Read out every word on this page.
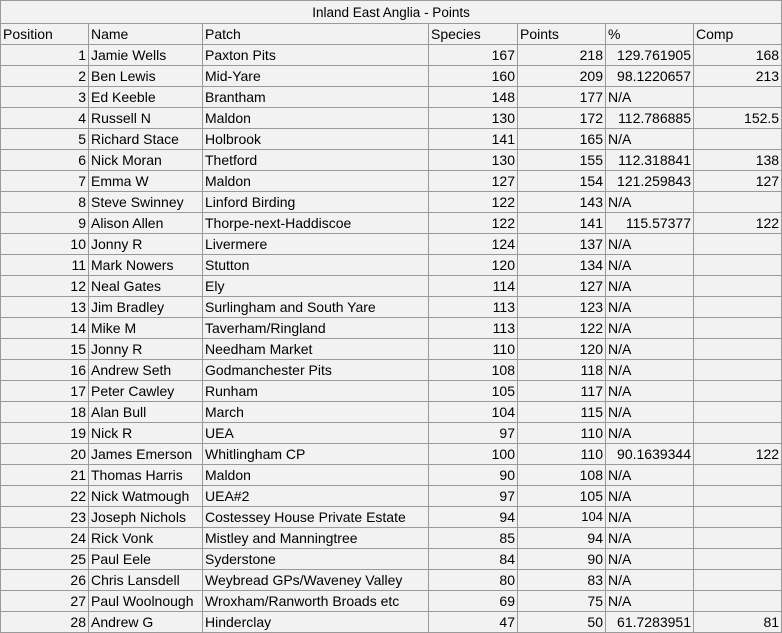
Inland East Anglia - Points						
Position	Name	Patch	Species	Points	%	Comp
1	Jamie Wells	Paxton Pits	167	218	129.761905	168
2	Ben Lewis	Mid-Yare	160	209	98.1220657	213
3	Ed Keeble	Brantham	148	177	N/A	
4	Russell N	Maldon	130	172	112.786885	152.5
5	Richard Stace	Holbrook	141	165	N/A	
6	Nick Moran	Thetford	130	155	112.318841	138
7	Emma W	Maldon	127	154	121.259843	127
8	Steve Swinney	Linford Birding	122	143	N/A	
9	Alison Allen	Thorpe-next-Haddiscoe	122	141	115.57377	122
10	Jonny R	Livermere	124	137	N/A	
11	Mark Nowers	Stutton	120	134	N/A	
12	Neal Gates	Ely	114	127	N/A	
13	Jim Bradley	Surlingham and South Yare	113	123	N/A	
14	Mike M	Taverham/Ringland	113	122	N/A	
15	Jonny R	Needham Market	110	120	N/A	
16	Andrew Seth	Godmanchester Pits	108	118	N/A	
17	Peter Cawley	Runham	105	117	N/A	
18	Alan Bull	March	104	115	N/A	
19	Nick R	UEA	97	110	N/A	
20	James Emerson	Whitlingham CP	100	110	90.1639344	122
21	Thomas Harris	Maldon	90	108	N/A	
22	Nick Watmough	UEA#2	97	105	N/A	
23	Joseph Nichols	Costessey House Private Estate	94	104	N/A	
24	Rick Vonk	Mistley and Manningtree	85	94	N/A	
25	Paul Eele	Syderstone	84	90	N/A	
26	Chris Lansdell	Weybread GPs/Waveney Valley	80	83	N/A	
27	Paul Woolnough	Wroxham/Ranworth Broads etc	69	75	N/A	
28	Andrew G	Hinderclay	47	50	61.7283951	81
